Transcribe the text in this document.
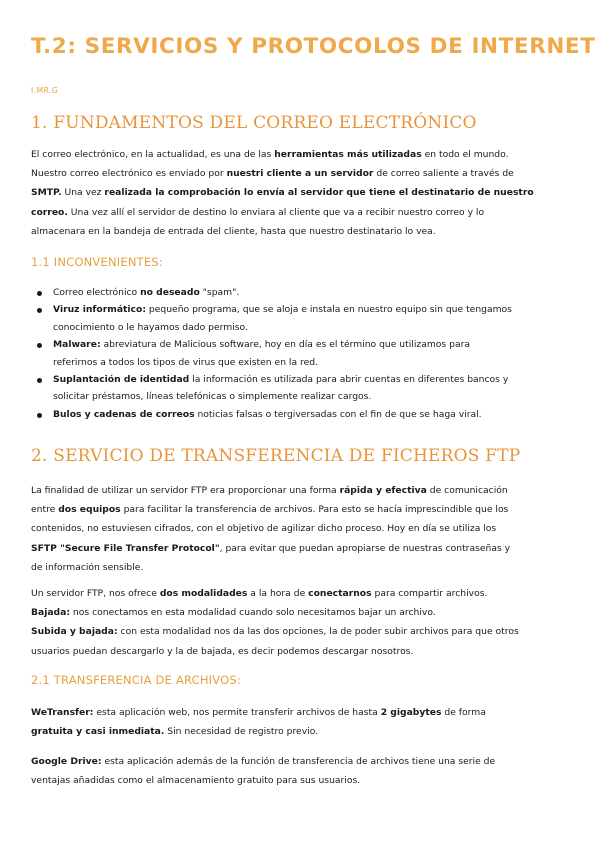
T.2: SERVICIOS Y PROTOCOLOS DE INTERNET
I.MR.G
1. FUNDAMENTOS DEL CORREO ELECTRÓNICO

El correo electrónico, en la actualidad, es una de las herramientas más utilizadas en todo el mundo.
Nuestro correo electrónico es enviado por nuestri cliente a un servidor de correo saliente a través de
SMTP. Una vez realizada la comprobación lo envía al servidor que tiene el destinatario de nuestro
correo. Una vez allí el servidor de destino lo enviara al cliente que va a recibir nuestro correo y lo
almacenara en la bandeja de entrada del cliente, hasta que nuestro destinatario lo vea.

1.1 INCONVENIENTES:
Correo electrónico no deseado "spam".
Viruz informático: pequeño programa, que se aloja e instala en nuestro equipo sin que tengamos
conocimiento o le hayamos dado permiso.
Malware: abreviatura de Malicious software, hoy en día es el término que utilizamos para
referirnos a todos los tipos de virus que existen en la red.
Suplantación de identidad la información es utilizada para abrir cuentas en diferentes bancos y
solicitar préstamos, líneas telefónicas o simplemente realizar cargos.
Bulos y cadenas de correos noticias falsas o tergiversadas con el fin de que se haga viral.
2. SERVICIO DE TRANSFERENCIA DE FICHEROS FTP

La finalidad de utilizar un servidor FTP era proporcionar una forma rápida y efectiva de comunicación
entre dos equipos para facilitar la transferencia de archivos. Para esto se hacía imprescindible que los
contenidos, no estuviesen cifrados, con el objetivo de agilizar dicho proceso. Hoy en día se utiliza los
SFTP "Secure File Transfer Protocol", para evitar que puedan apropiarse de nuestras contraseñas y
de información sensible.

Un servidor FTP, nos ofrece dos modalidades a la hora de conectarnos para compartir archivos.
Bajada: nos conectamos en esta modalidad cuando solo necesitamos bajar un archivo.
Subida y bajada: con esta modalidad nos da las dos opciones, la de poder subir archivos para que otros
usuarios puedan descargarlo y la de bajada, es decir podemos descargar nosotros.

2.1 TRANSFERENCIA DE ARCHIVOS:

WeTransfer: esta aplicación web, nos permite transferir archivos de hasta 2 gigabytes de forma
gratuita y casi inmediata. Sin necesidad de registro previo.

Google Drive: esta aplicación además de la función de transferencia de archivos tiene una serie de
ventajas añadidas como el almacenamiento gratuito para sus usuarios.
